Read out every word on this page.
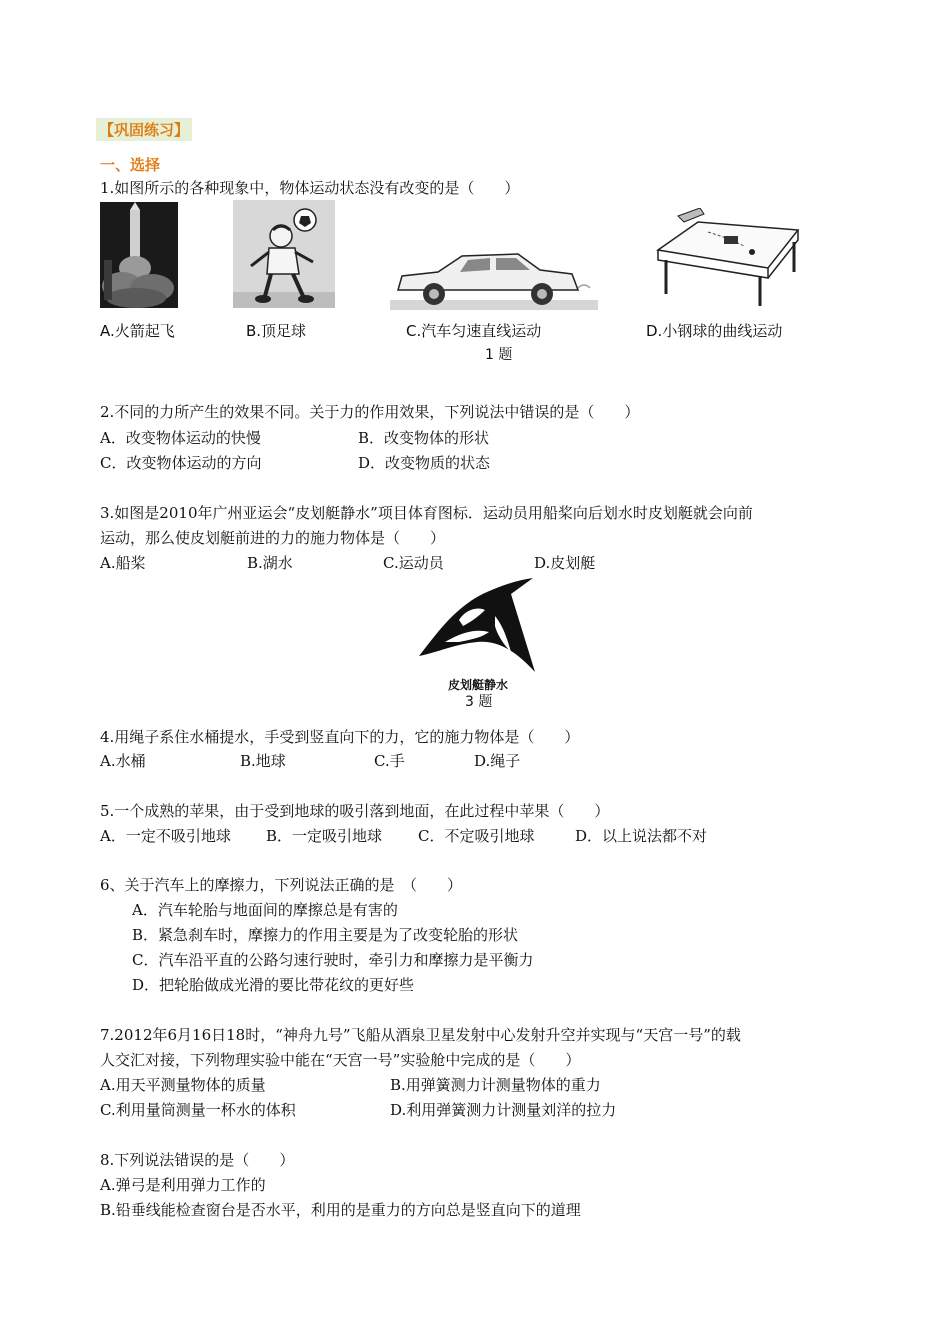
【巩固练习】
一、选择
1.如图所示的各种现象中，物体运动状态没有改变的是（　　）
A.火箭起飞	B.顶足球	C.汽车匀速直线运动	D.小钢球的曲线运动
1 题
2.不同的力所产生的效果不同。关于力的作用效果，下列说法中错误的是（　　）
A．改变物体运动的快慢	B．改变物体的形状
C．改变物体运动的方向	D．改变物质的状态
3.如图是2010年广州亚运会“皮划艇静水”项目体育图标．运动员用船桨向后划水时皮划艇就会向前
运动，那么使皮划艇前进的力的施力物体是（　　）
A.船桨	B.湖水	C.运动员	D.皮划艇
皮划艇静水
3 题
4.用绳子系住水桶提水，手受到竖直向下的力，它的施力物体是（　　）
A.水桶	B.地球	C.手	D.绳子
5.一个成熟的苹果，由于受到地球的吸引落到地面，在此过程中苹果（　　）
A．一定不吸引地球 B．一定吸引地球 C．不定吸引地球	D．以上说法都不对
6、关于汽车上的摩擦力，下列说法正确的是　（　　）
A．汽车轮胎与地面间的摩擦总是有害的
B．紧急刹车时，摩擦力的作用主要是为了改变轮胎的形状
C．汽车沿平直的公路匀速行驶时，牵引力和摩擦力是平衡力
D．把轮胎做成光滑的要比带花纹的更好些
7.2012年6月16日18时，“神舟九号”飞船从酒泉卫星发射中心发射升空并实现与“天宫一号”的载
人交汇对接，下列物理实验中能在“天宫一号”实验舱中完成的是（　　）
A.用天平测量物体的质量	B.用弹簧测力计测量物体的重力
C.利用量筒测量一杯水的体积	D.利用弹簧测力计测量刘洋的拉力
8.下列说法错误的是（　　）
A.弹弓是利用弹力工作的
B.铅垂线能检查窗台是否水平，利用的是重力的方向总是竖直向下的道理
